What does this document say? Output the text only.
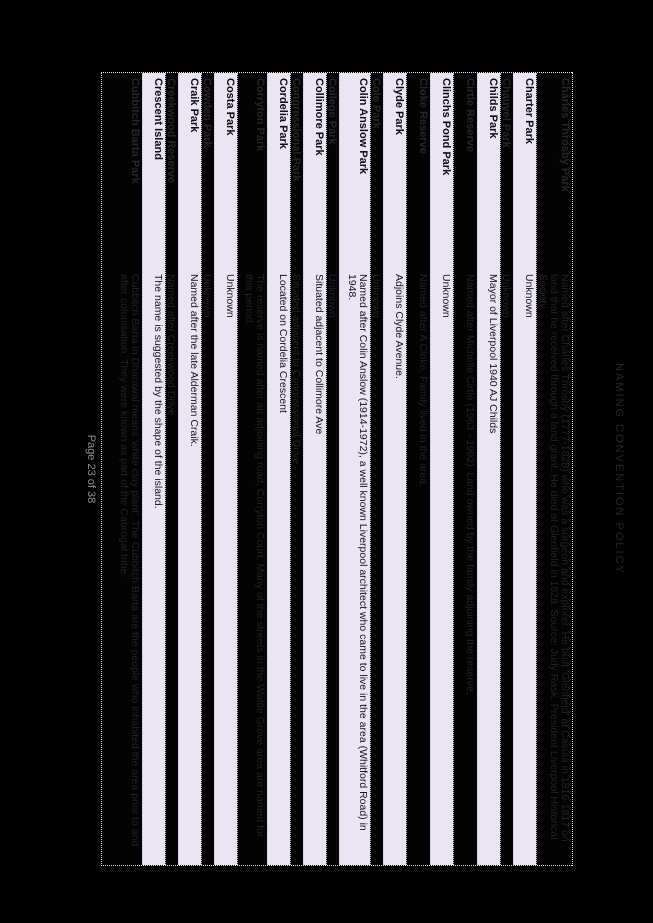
NAMING CONVENTION POLICY
Charles Throsby Park
Named after Charles Throsby (1777-1828) who was a surgeon and explorer. He built 'Glenfield' at Casula in 1816-1817 on land that he received through a land grant. He died at Glenfield in 1828. Source: Judy Rask, President Liverpool Historical Society.
Charter Park
Unknown
Chauvel Park
Unknown
Childs Park
Mayor of Liverpool 1940 AJ Childs
Cirtle Reserve
Named after Michelle Cirtle (1963 - 1992). Land owned by the family adjoining the reserve.
Clinchs Pond Park
Unknown
Cloke Reserve
Named after A Cloke. Family lived in the area.
Clyde Park
Adjoins Clyde Avenue.
Cole Park
Unknown
Colin Anslow Park
Named after Colin Anslow (1914-1972), a well known Liverpool architect who came to live in the area (Whitford Road) in 1948.
College Park
Unknown
Collimore Park
Situated adjacent to Collimore Ave
Congressional Park
Situated adjacent to Congressional Drive
Cordelia Park
Located on Cordelia Crescent
Corryton Park
The reserve is named after an adjoining road, Corryton Court. Many of the streets in the Wattle Grove area are named for this period.
Costa Park
Unknown
Cowden Park
Unknown
Craik Park
Named after the late Alderman Craik.
Creekwood Reserve
Named after Creekwood Drive
Crescent Island
The name is suggested by the shape of the island.
Cubbitch Barta Park
Cubbitch Barta in Dharawal means 'white clay plant'. The Cubbitch Barta are the people who inhabited the area prior to and after colonisation. They were known as part of the Cabrogal tribe.
Page 23 of 38
